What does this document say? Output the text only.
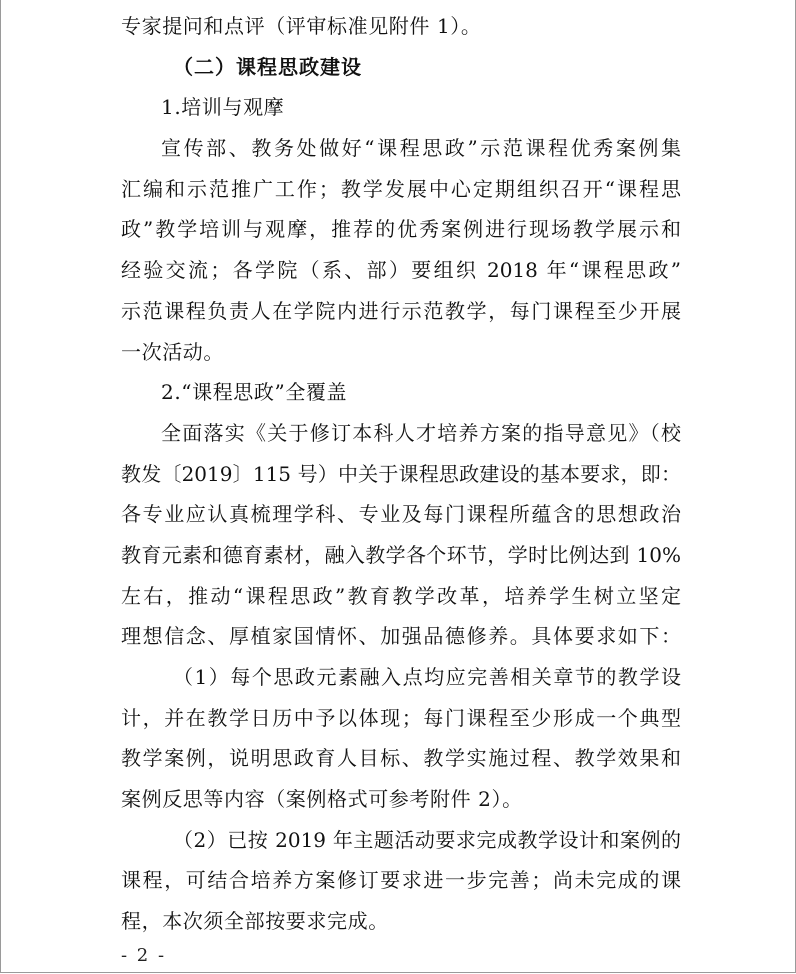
专家提问和点评（评审标准见附件 1）。
（二）课程思政建设
1.培训与观摩
宣传部、教务处做好“课程思政”示范课程优秀案例集
汇编和示范推广工作；教学发展中心定期组织召开“课程思
政”教学培训与观摩，推荐的优秀案例进行现场教学展示和
经验交流；各学院（系、部）要组织 2018 年“课程思政”
示范课程负责人在学院内进行示范教学，每门课程至少开展
一次活动。
2.“课程思政”全覆盖
全面落实《关于修订本科人才培养方案的指导意见》（校
教发〔2019〕115 号）中关于课程思政建设的基本要求，即：
各专业应认真梳理学科、专业及每门课程所蕴含的思想政治
教育元素和德育素材，融入教学各个环节，学时比例达到 10%
左右，推动“课程思政”教育教学改革，培养学生树立坚定
理想信念、厚植家国情怀、加强品德修养。具体要求如下：
（1）每个思政元素融入点均应完善相关章节的教学设
计，并在教学日历中予以体现；每门课程至少形成一个典型
教学案例，说明思政育人目标、教学实施过程、教学效果和
案例反思等内容（案例格式可参考附件 2）。
（2）已按 2019 年主题活动要求完成教学设计和案例的
课程，可结合培养方案修订要求进一步完善；尚未完成的课
程，本次须全部按要求完成。
- 2 -
